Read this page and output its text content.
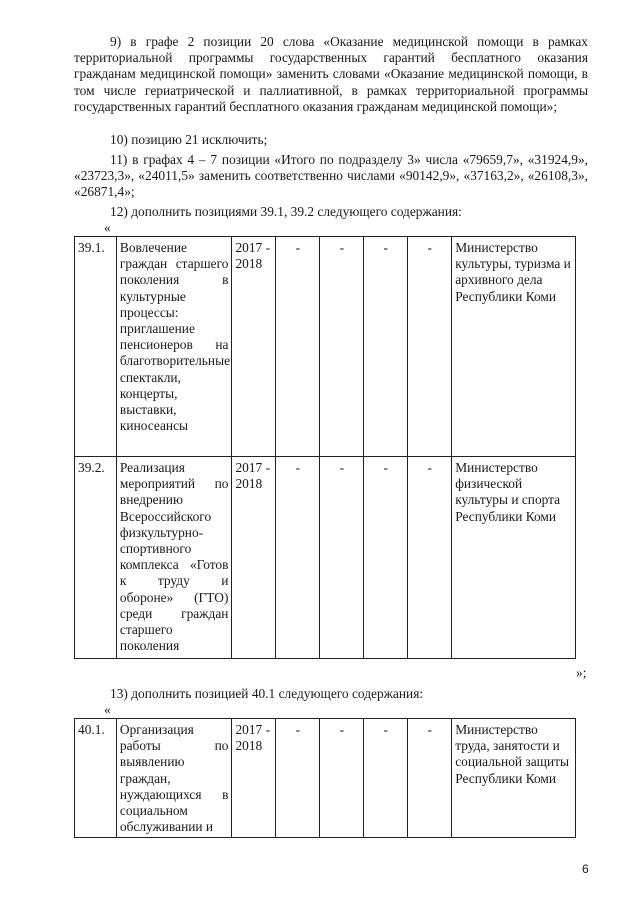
9) в графе 2 позиции 20 слова «Оказание медицинской помощи в рамках территориальной программы государственных гарантий бесплатного оказания гражданам медицинской помощи» заменить словами «Оказание медицинской помощи, в том числе гериатрической и паллиативной, в рамках территориальной программы государственных гарантий бесплатного оказания гражданам медицинской помощи»;

10) позицию 21 исключить;

11) в графах 4 – 7 позиции «Итого по подразделу 3» числа «79659,7», «31924,9», «23723,3», «24011,5» заменить соответственно числами «90142,9», «37163,2», «26108,3», «26871,4»;

12) дополнить позициями 39.1, 39.2 следующего содержания:

«
39.1.	Вовлечение граждан старшего поколения в культурные процессы: приглашение пенсионеров на благотворительные спектакли, концерты, выставки, киносеансы	2017 - 2018	-	-	-	-	Министерство культуры, туризма и архивного дела Республики Коми
39.2.	Реализация мероприятий по внедрению Всероссийского физкультурно-спортивного комплекса «Готов к труду и обороне» (ГТО) среди граждан старшего поколения	2017 - 2018	-	-	-	-	Министерство физической культуры и спорта Республики Коми
»;

13) дополнить позицией 40.1 следующего содержания:

«
40.1.	Организация работы по выявлению граждан, нуждающихся в социальном обслуживании и	2017 - 2018	-	-	-	-	Министерство труда, занятости и социальной защиты Республики Коми
6
